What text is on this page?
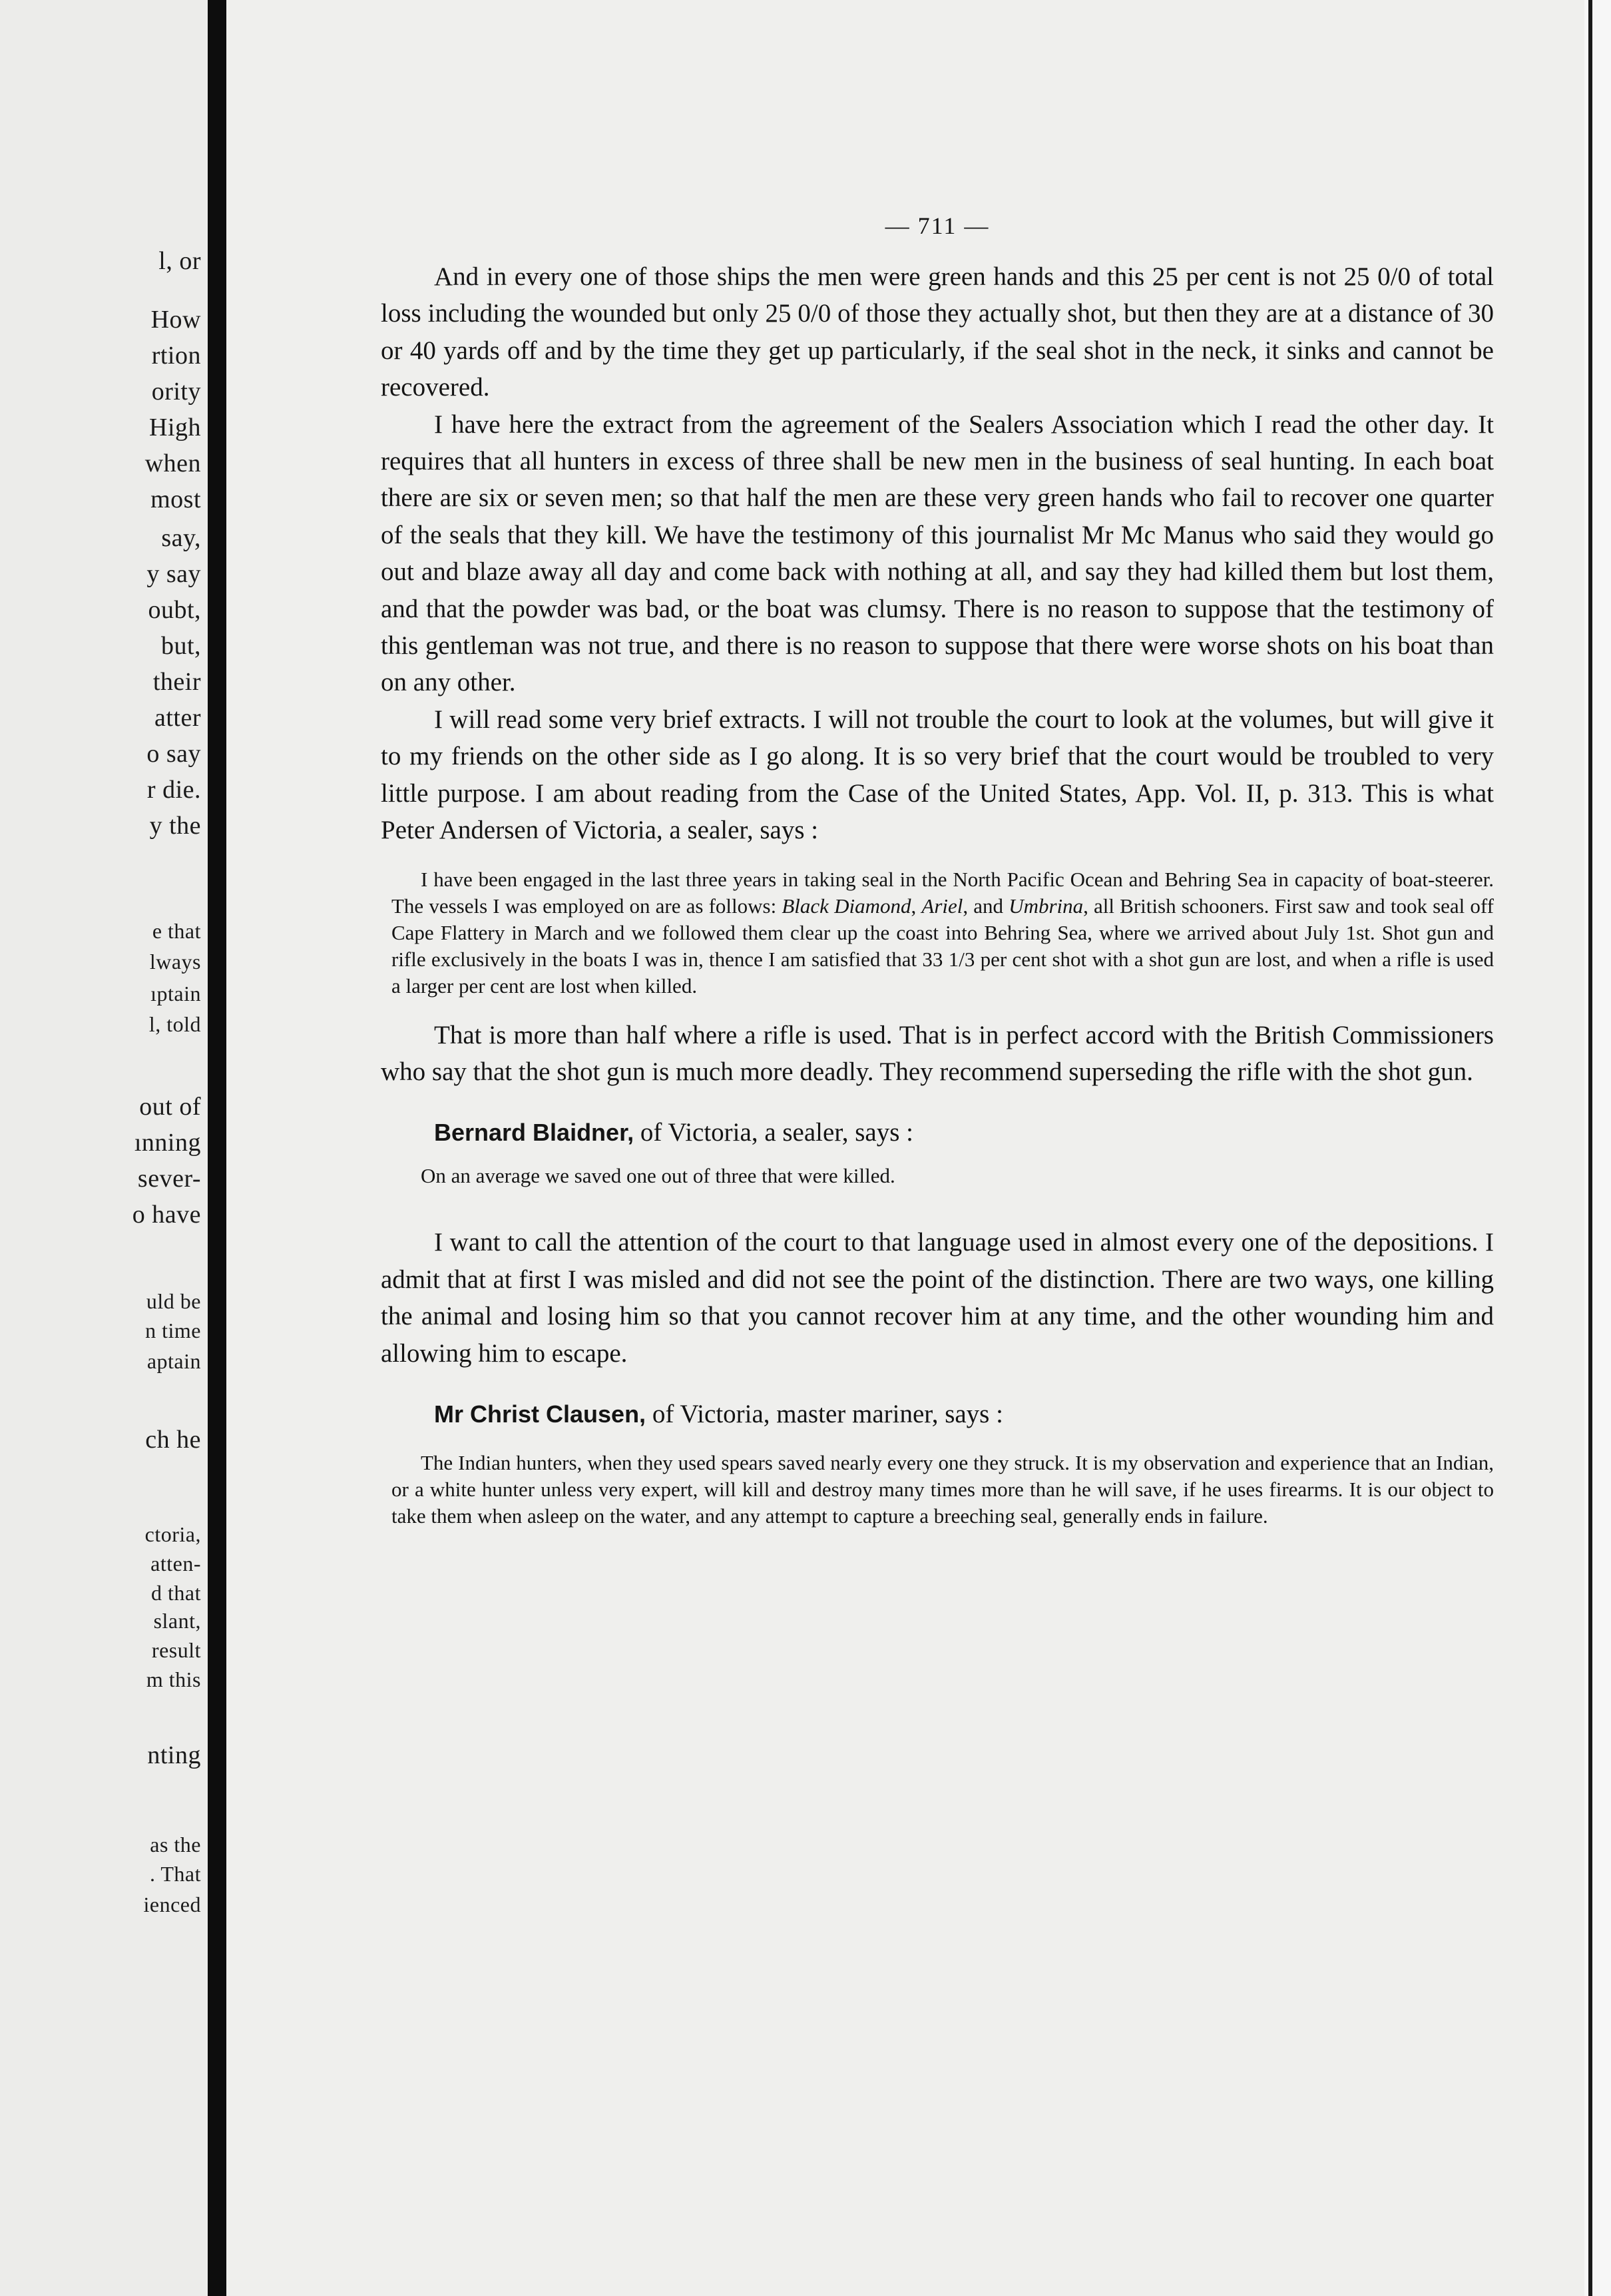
l, or
How
rtion
ority
High
when
most
say,
y say
oubt,
but,
their
atter
o say
r die.
y the
e that
lways
ıptain
l, told
out of
ınning
sever-
o have
uld be
n time
aptain
ch he
ctoria,
atten-
d that
slant,
result
m this
nting
as the
. That
ienced
— 711 —

And in every one of those ships the men were green hands and this 25 per cent is not 25 0/0 of total loss including the wounded but only 25 0/0 of those they actually shot, but then they are at a distance of 30 or 40 yards off and by the time they get up particularly, if the seal shot in the neck, it sinks and cannot be recovered.

I have here the extract from the agreement of the Sealers Association which I read the other day. It requires that all hunters in excess of three shall be new men in the business of seal hunting. In each boat there are six or seven men; so that half the men are these very green hands who fail to recover one quarter of the seals that they kill. We have the testimony of this journalist Mr Mc Manus who said they would go out and blaze away all day and come back with nothing at all, and say they had killed them but lost them, and that the powder was bad, or the boat was clumsy. There is no reason to suppose that the testimony of this gentleman was not true, and there is no reason to suppose that there were worse shots on his boat than on any other.

I will read some very brief extracts. I will not trouble the court to look at the volumes, but will give it to my friends on the other side as I go along. It is so very brief that the court would be troubled to very little purpose. I am about reading from the Case of the United States, App. Vol. II, p. 313. This is what Peter Andersen of Victoria, a sealer, says :

I have been engaged in the last three years in taking seal in the North Pacific Ocean and Behring Sea in capacity of boat-steerer. The vessels I was employed on are as follows: Black Diamond, Ariel, and Umbrina, all British schooners. First saw and took seal off Cape Flattery in March and we followed them clear up the coast into Behring Sea, where we arrived about July 1st. Shot gun and rifle exclusively in the boats I was in, thence I am satisfied that 33 1/3 per cent shot with a shot gun are lost, and when a rifle is used a larger per cent are lost when killed.

That is more than half where a rifle is used. That is in perfect accord with the British Commissioners who say that the shot gun is much more deadly. They recommend superseding the rifle with the shot gun.

Bernard Blaidner, of Victoria, a sealer, says :

On an average we saved one out of three that were killed.

I want to call the attention of the court to that language used in almost every one of the depositions. I admit that at first I was misled and did not see the point of the distinction. There are two ways, one killing the animal and losing him so that you cannot recover him at any time, and the other wounding him and allowing him to escape.

Mr Christ Clausen, of Victoria, master mariner, says :

The Indian hunters, when they used spears saved nearly every one they struck. It is my observation and experience that an Indian, or a white hunter unless very expert, will kill and destroy many times more than he will save, if he uses firearms. It is our object to take them when asleep on the water, and any attempt to capture a breeching seal, generally ends in failure.
